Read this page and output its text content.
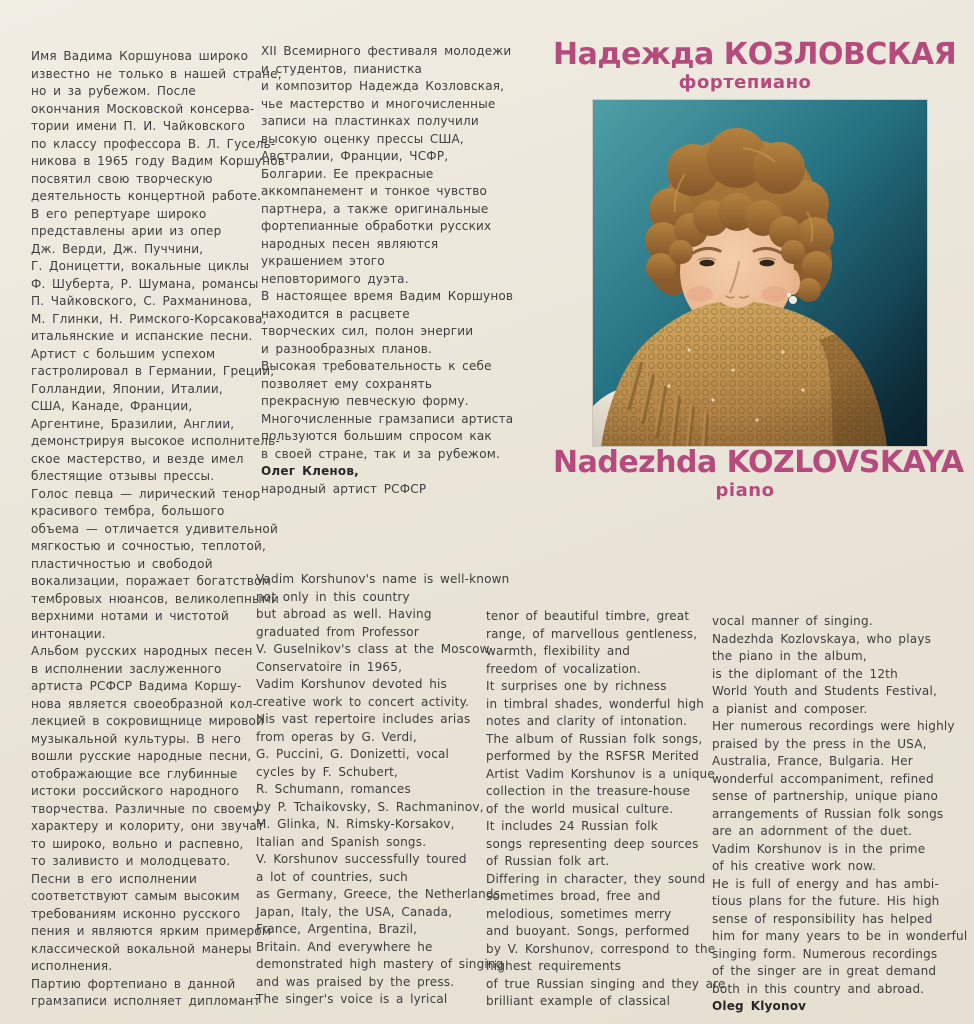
Имя Вадима Коршунова широко
известно не только в нашей стране,
но и за рубежом. После
окончания Московской консерва-
тории имени П. И. Чайковского
по классу профессора В. Л. Гусель-
никова в 1965 году Вадим Коршунов
посвятил свою творческую
деятельность концертной работе.
В его репертуаре широко
представлены арии из опер
Дж. Верди, Дж. Пуччини,
Г. Доницетти, вокальные циклы
Ф. Шуберта, Р. Шумана, романсы
П. Чайковского, С. Рахманинова,
М. Глинки, Н. Римского-Корсакова,
итальянские и испанские песни.
Артист с большим успехом
гастролировал в Германии, Греции,
Голландии, Японии, Италии,
США, Канаде, Франции,
Аргентине, Бразилии, Англии,
демонстрируя высокое исполнитель-
ское мастерство, и везде имел
блестящие отзывы прессы.
Голос певца — лирический тенор
красивого тембра, большого
объема — отличается удивительной
мягкостью и сочностью, теплотой,
пластичностью и свободой
вокализации, поражает богатством
тембровых нюансов, великолепными
верхними нотами и чистотой
интонации.
Альбом русских народных песен
в исполнении заслуженного
артиста РСФСР Вадима Коршу-
нова является своеобразной кол-
лекцией в сокровищнице мировой
музыкальной культуры. В него
вошли русские народные песни,
отображающие все глубинные
истоки российского народного
творчества. Различные по своему
характеру и колориту, они звучат
то широко, вольно и распевно,
то заливисто и молодцевато.
Песни в его исполнении
соответствуют самым высоким
требованиям исконно русского
пения и являются ярким примером
классической вокальной манеры
исполнения.
Партию фортепиано в данной
грамзаписи исполняет дипломант
XII Всемирного фестиваля молодежи
и студентов, пианистка
и композитор Надежда Козловская,
чье мастерство и многочисленные
записи на пластинках получили
высокую оценку прессы США,
Австралии, Франции, ЧСФР,
Болгарии. Ее прекрасные
аккомпанемент и тонкое чувство
партнера, а также оригинальные
фортепианные обработки русских
народных песен являются
украшением этого
неповторимого дуэта.
В настоящее время Вадим Коршунов
находится в расцвете
творческих сил, полон энергии
и разнообразных планов.
Высокая требовательность к себе
позволяет ему сохранять
прекрасную певческую форму.
Многочисленные грамзаписи артиста
пользуются большим спросом как
в своей стране, так и за рубежом.
Олег Кленов,
народный артист РСФСР
Надежда КОЗЛОВСКАЯ
фортепиано
Nadezhda KOZLOVSKAYA
piano
Vadim Korshunov's name is well-known
not only in this country
but abroad as well. Having
graduated from Professor
V. Guselnikov's class at the Moscow
Conservatoire in 1965,
Vadim Korshunov devoted his
creative work to concert activity.
His vast repertoire includes arias
from operas by G. Verdi,
G. Puccini, G. Donizetti, vocal
cycles by F. Schubert,
R. Schumann, romances
by P. Tchaikovsky, S. Rachmaninov,
M. Glinka, N. Rimsky-Korsakov,
Italian and Spanish songs.
V. Korshunov successfully toured
a lot of countries, such
as Germany, Greece, the Netherlands,
Japan, Italy, the USA, Canada,
France, Argentina, Brazil,
Britain. And everywhere he
demonstrated high mastery of singing
and was praised by the press.
The singer's voice is a lyrical
tenor of beautiful timbre, great
range, of marvellous gentleness,
warmth, flexibility and
freedom of vocalization.
It surprises one by richness
in timbral shades, wonderful high
notes and clarity of intonation.
The album of Russian folk songs,
performed by the RSFSR Merited
Artist Vadim Korshunov is a unique
collection in the treasure-house
of the world musical culture.
It includes 24 Russian folk
songs representing deep sources
of Russian folk art.
Differing in character, they sound
sometimes broad, free and
melodious, sometimes merry
and buoyant. Songs, performed
by V. Korshunov, correspond to the
highest requirements
of true Russian singing and they are
brilliant example of classical
vocal manner of singing.
Nadezhda Kozlovskaya, who plays
the piano in the album,
is the diplomant of the 12th
World Youth and Students Festival,
a pianist and composer.
Her numerous recordings were highly
praised by the press in the USA,
Australia, France, Bulgaria. Her
wonderful accompaniment, refined
sense of partnership, unique piano
arrangements of Russian folk songs
are an adornment of the duet.
Vadim Korshunov is in the prime
of his creative work now.
He is full of energy and has ambi-
tious plans for the future. His high
sense of responsibility has helped
him for many years to be in wonderful
singing form. Numerous recordings
of the singer are in great demand
both in this country and abroad.
Oleg Klyonov
